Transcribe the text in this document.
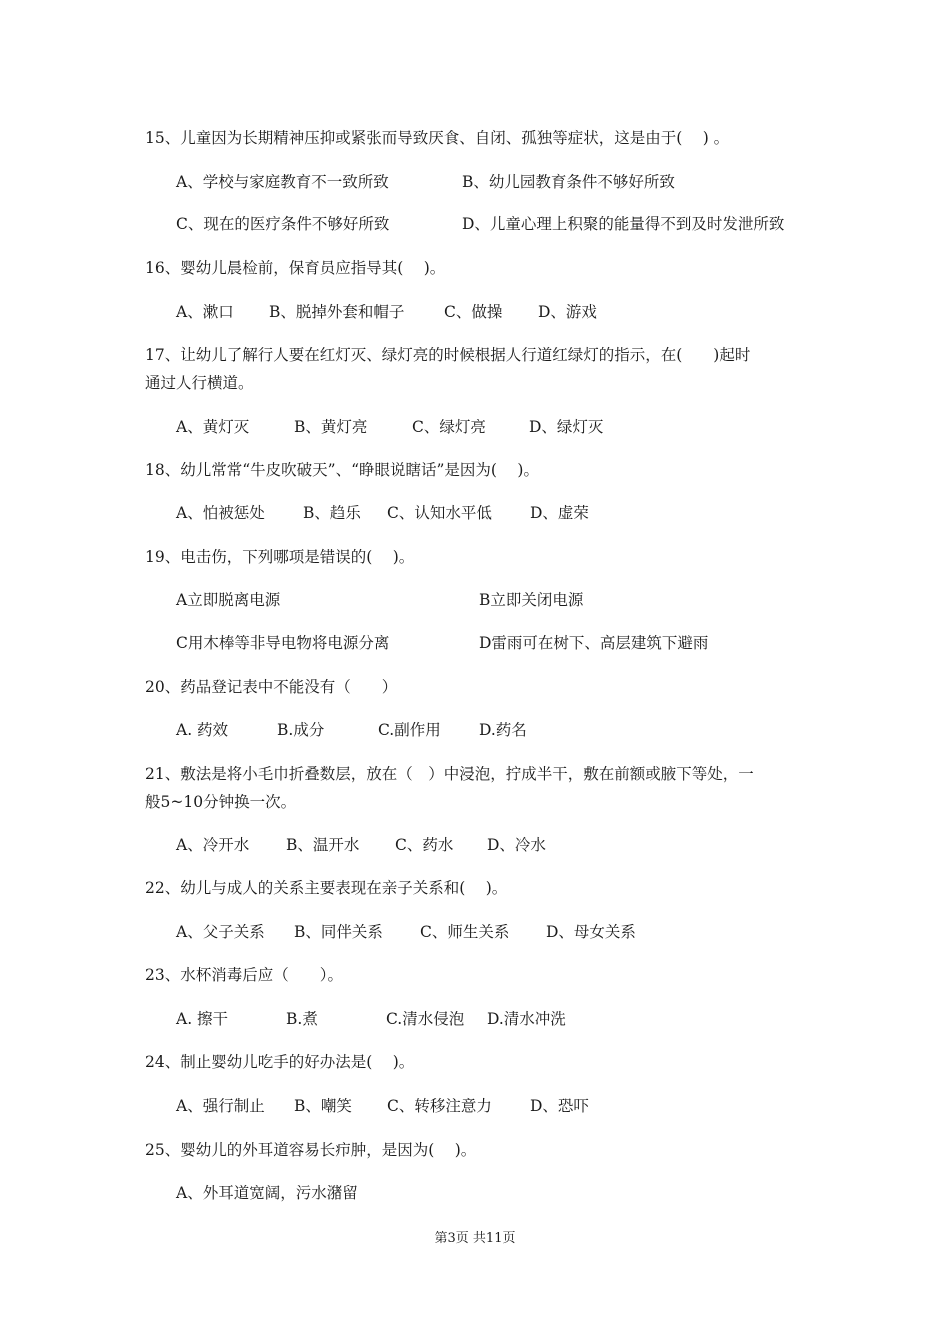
15、儿童因为长期精神压抑或紧张而导致厌食、自闭、孤独等症状，这是由于(　 ) 。
A、学校与家庭教育不一致所致	B、幼儿园教育条件不够好所致
C、现在的医疗条件不够好所致	D、儿童心理上积聚的能量得不到及时发泄所致
16、婴幼儿晨检前，保育员应指导其(　 )。
A、漱口 B、脱掉外套和帽子	C、做操 D、游戏
17、让幼儿了解行人要在红灯灭、绿灯亮的时候根据人行道红绿灯的指示，在(　　)起时
通过人行横道。
A、黄灯灭	B、黄灯亮	C、绿灯亮	D、绿灯灭
18、幼儿常常“牛皮吹破天”、“睁眼说瞎话”是因为(　 )。
A、怕被惩处 B、趋乐 C、认知水平低 D、虚荣
19、电击伤，下列哪项是错误的(　 )。
A立即脱离电源	B立即关闭电源
C用木棒等非导电物将电源分离	D雷雨可在树下、高层建筑下避雨
20、药品登记表中不能没有（　　）
A. 药效	B.成分	C.副作用 D.药名
21、敷法是将小毛巾折叠数层，放在（　）中浸泡，拧成半干，敷在前额或腋下等处，一
般5~10分钟换一次。
A、冷开水 B、温开水 C、药水 D、冷水
22、幼儿与成人的关系主要表现在亲子关系和(　 )。
A、父子关系 B、同伴关系 C、师生关系 D、母女关系
23、水杯消毒后应（　　）。
A. 擦干	B.煮	C.清水侵泡 D.清水冲洗
24、制止婴幼儿吃手的好办法是(　 )。
A、强行制止 B、嘲笑 C、转移注意力 D、恐吓
25、婴幼儿的外耳道容易长疖肿，是因为(　 )。
A、外耳道宽阔，污水潴留
第3页 共11页
